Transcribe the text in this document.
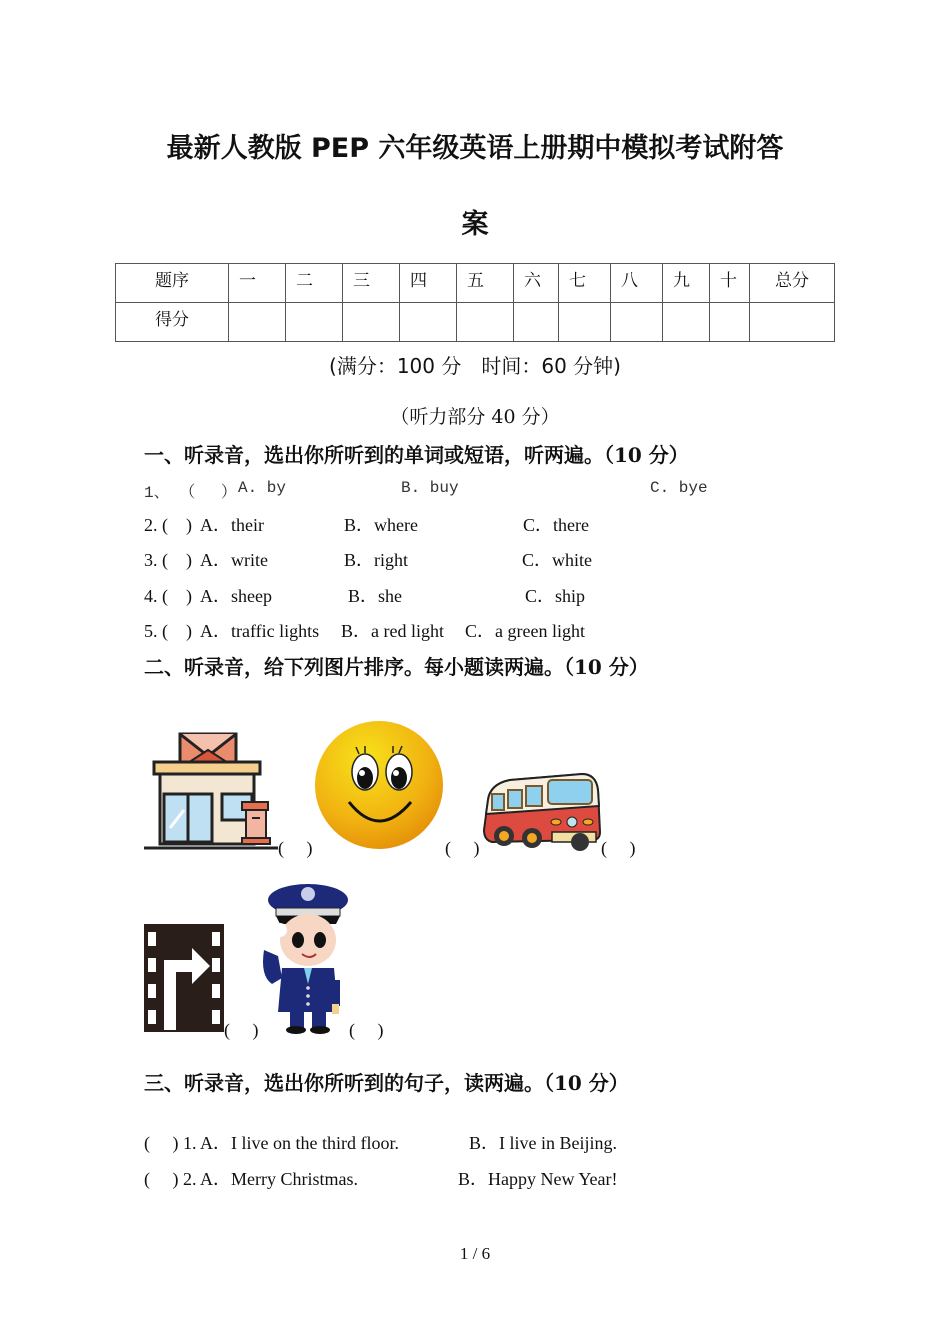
最新人教版 PEP 六年级英语上册期中模拟考试附答
案
题序	一	二	三	四	五	六	七	八	九	十	总分
得分											
(满分：100 分　时间：60 分钟)
（听力部分 40 分）
一、听录音，选出你所听到的单词或短语，听两遍。（10 分）
1、 （　 ） A. by	B. buy	C. bye
2. (　) A．their	B．where	C．there
3. (　) A．write	B．right	C．white
4. (　) A．sheep	B．she	C．ship
5. (　) A．traffic lights B．a red light C．a green light
二、听录音，给下列图片排序。每小题读两遍。（10 分）
(　 )	(　 )	(　 )
(　 )	(　 )
三、听录音，选出你所听到的句子，读两遍。（10 分）
(　 ) 1. A．I live on the third floor.	B．I live in Beijing.
(　 ) 2. A．Merry Christmas.	B．Happy New Year!
1 / 6
